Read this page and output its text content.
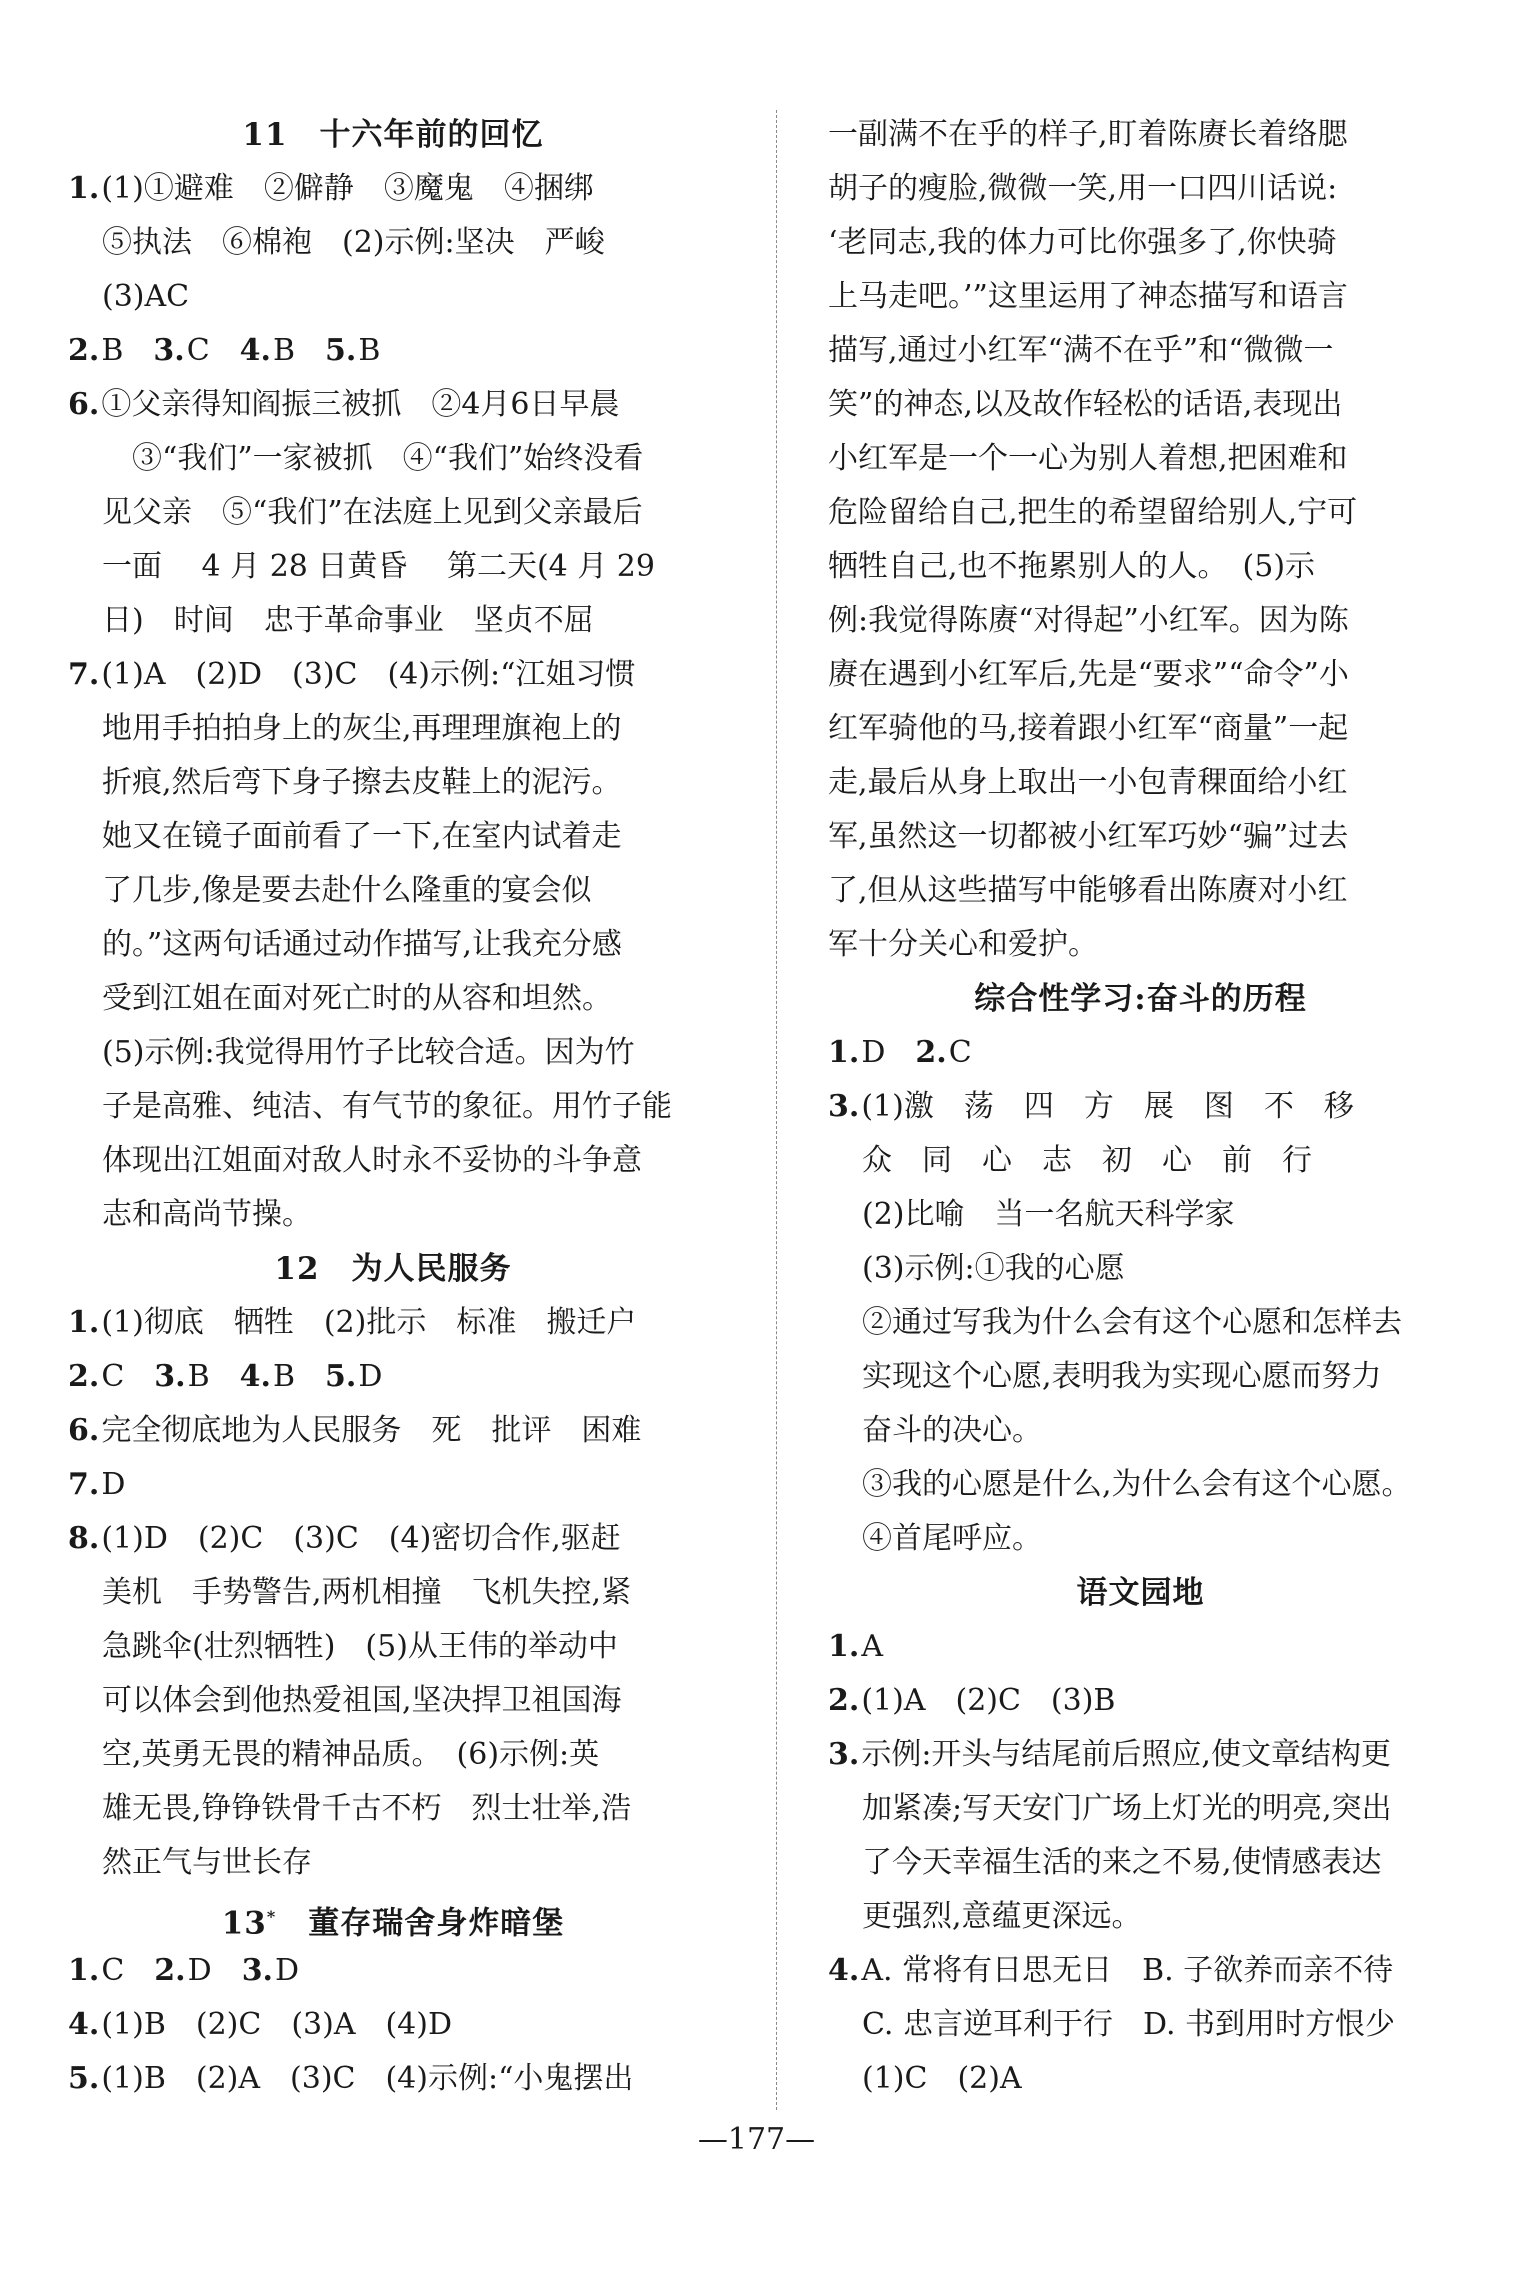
11　十六年前的回忆
1.(1)①避难　②僻静　③魔鬼　④捆绑
⑤执法　⑥棉袍　(2)示例:坚决　严峻
(3)AC
2.B　3.C　4.B　5.B
6.①父亲得知阎振三被抓　②4月6日早晨
③“我们”一家被抓　④“我们”始终没看
见父亲　⑤“我们”在法庭上见到父亲最后
一面　 4 月 28 日黄昏　 第二天(4 月 29
日)　时间　忠于革命事业　坚贞不屈
7.(1)A　(2)D　(3)C　(4)示例:“江姐习惯
地用手拍拍身上的灰尘,再理理旗袍上的
折痕,然后弯下身子擦去皮鞋上的泥污。
她又在镜子面前看了一下,在室内试着走
了几步,像是要去赴什么隆重的宴会似
的。”这两句话通过动作描写,让我充分感
受到江姐在面对死亡时的从容和坦然。
(5)示例:我觉得用竹子比较合适。因为竹
子是高雅、纯洁、有气节的象征。用竹子能
体现出江姐面对敌人时永不妥协的斗争意
志和高尚节操。
12　为人民服务
1.(1)彻底　牺牲　(2)批示　标准　搬迁户
2.C　3.B　4.B　5.D
6.完全彻底地为人民服务　死　批评　困难
7.D
8.(1)D　(2)C　(3)C　(4)密切合作,驱赶
美机　手势警告,两机相撞　飞机失控,紧
急跳伞(壮烈牺牲)　(5)从王伟的举动中
可以体会到他热爱祖国,坚决捍卫祖国海
空,英勇无畏的精神品质。　(6)示例:英
雄无畏,铮铮铁骨千古不朽　烈士壮举,浩
然正气与世长存
13*　董存瑞舍身炸暗堡
1.C　2.D　3.D
4.(1)B　(2)C　(3)A　(4)D
5.(1)B　(2)A　(3)C　(4)示例:“小鬼摆出
一副满不在乎的样子,盯着陈赓长着络腮
胡子的瘦脸,微微一笑,用一口四川话说:
‘老同志,我的体力可比你强多了,你快骑
上马走吧。’”这里运用了神态描写和语言
描写,通过小红军“满不在乎”和“微微一
笑”的神态,以及故作轻松的话语,表现出
小红军是一个一心为别人着想,把困难和
危险留给自己,把生的希望留给别人,宁可
牺牲自己,也不拖累别人的人。　(5)示
例:我觉得陈赓“对得起”小红军。因为陈
赓在遇到小红军后,先是“要求”“命令”小
红军骑他的马,接着跟小红军“商量”一起
走,最后从身上取出一小包青稞面给小红
军,虽然这一切都被小红军巧妙“骗”过去
了,但从这些描写中能够看出陈赓对小红
军十分关心和爱护。
综合性学习:奋斗的历程
1.D　2.C
3.(1)激　荡　四　方　展　图　不　移
众　同　心　志　初　心　前　行
(2)比喻　当一名航天科学家
(3)示例:①我的心愿
②通过写我为什么会有这个心愿和怎样去
实现这个心愿,表明我为实现心愿而努力
奋斗的决心。
③我的心愿是什么,为什么会有这个心愿。
④首尾呼应。
语文园地
1.A
2.(1)A　(2)C　(3)B
3.示例:开头与结尾前后照应,使文章结构更
加紧凑;写天安门广场上灯光的明亮,突出
了今天幸福生活的来之不易,使情感表达
更强烈,意蕴更深远。
4.A. 常将有日思无日　B. 子欲养而亲不待
C. 忠言逆耳利于行　D. 书到用时方恨少
(1)C　(2)A
—177—
